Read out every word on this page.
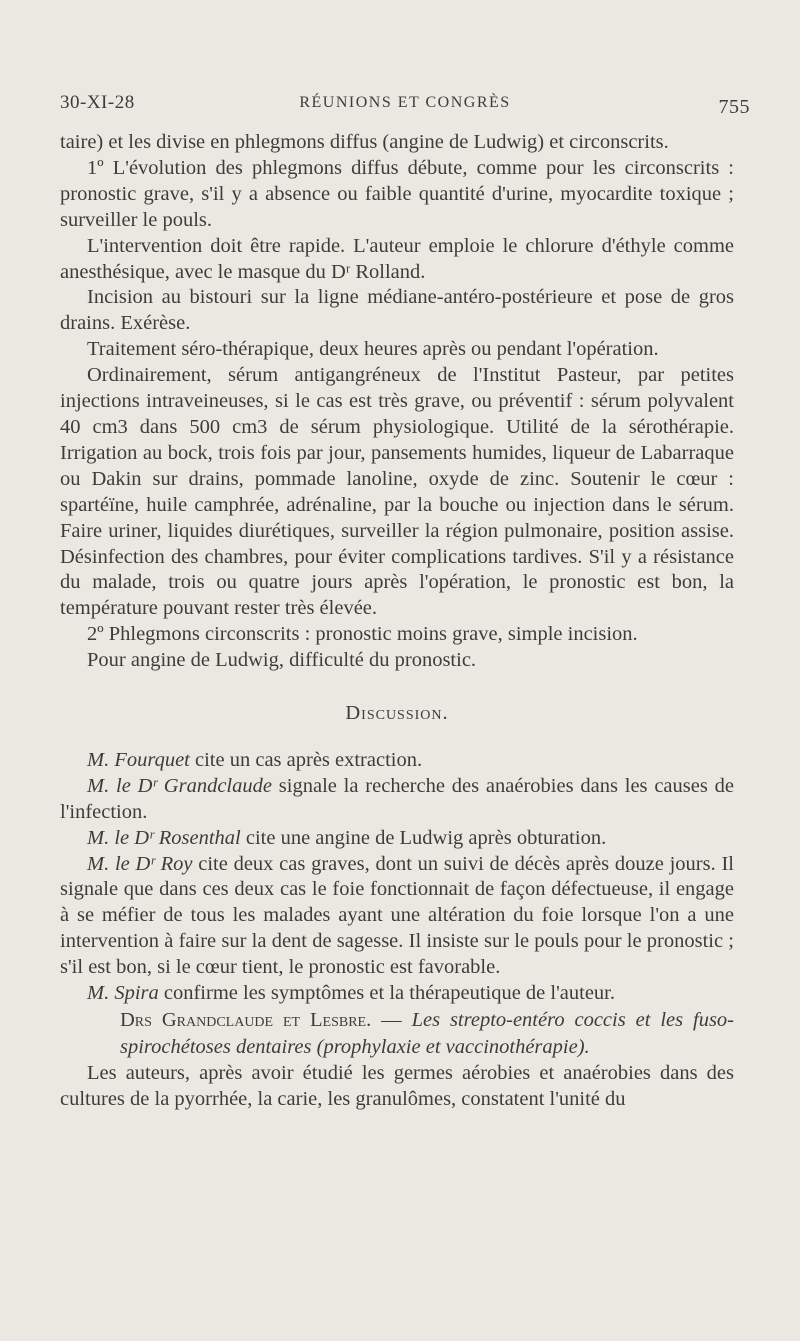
30-XI-28	RÉUNIONS ET CONGRÈS	755

taire) et les divise en phlegmons diffus (angine de Ludwig) et circonscrits.

1º L'évolution des phlegmons diffus débute, comme pour les circonscrits : pronostic grave, s'il y a absence ou faible quantité d'urine, myocardite toxique ; surveiller le pouls.

L'intervention doit être rapide. L'auteur emploie le chlorure d'éthyle comme anesthésique, avec le masque du Dʳ Rolland.

Incision au bistouri sur la ligne médiane-antéro-postérieure et pose de gros drains. Exérèse.

Traitement séro-thérapique, deux heures après ou pendant l'opération.

Ordinairement, sérum antigangréneux de l'Institut Pasteur, par petites injections intraveineuses, si le cas est très grave, ou préventif : sérum polyvalent 40 cm3 dans 500 cm3 de sérum physiologique. Utilité de la sérothérapie. Irrigation au bock, trois fois par jour, pansements humides, liqueur de Labarraque ou Dakin sur drains, pommade lanoline, oxyde de zinc. Soutenir le cœur : spartéïne, huile camphrée, adrénaline, par la bouche ou injection dans le sérum. Faire uriner, liquides diurétiques, surveiller la région pulmonaire, position assise. Désinfection des chambres, pour éviter complications tardives. S'il y a résistance du malade, trois ou quatre jours après l'opération, le pronostic est bon, la température pouvant rester très élevée.

2º Phlegmons circonscrits : pronostic moins grave, simple incision.

Pour angine de Ludwig, difficulté du pronostic.

Discussion.

M. Fourquet cite un cas après extraction.

M. le Dʳ Grandclaude signale la recherche des anaérobies dans les causes de l'infection.

M. le Dʳ Rosenthal cite une angine de Ludwig après obturation.

M. le Dʳ Roy cite deux cas graves, dont un suivi de décès après douze jours. Il signale que dans ces deux cas le foie fonctionnait de façon défectueuse, il engage à se méfier de tous les malades ayant une altération du foie lorsque l'on a une intervention à faire sur la dent de sagesse. Il insiste sur le pouls pour le pronostic ; s'il est bon, si le cœur tient, le pronostic est favorable.

M. Spira confirme les symptômes et la thérapeutique de l'auteur.

Drs Grandclaude et Lesbre. — Les strepto-entéro coccis et les fuso-spirochétoses dentaires (prophylaxie et vaccinothérapie).

Les auteurs, après avoir étudié les germes aérobies et anaérobies dans des cultures de la pyorrhée, la carie, les granulômes, constatent l'unité du
